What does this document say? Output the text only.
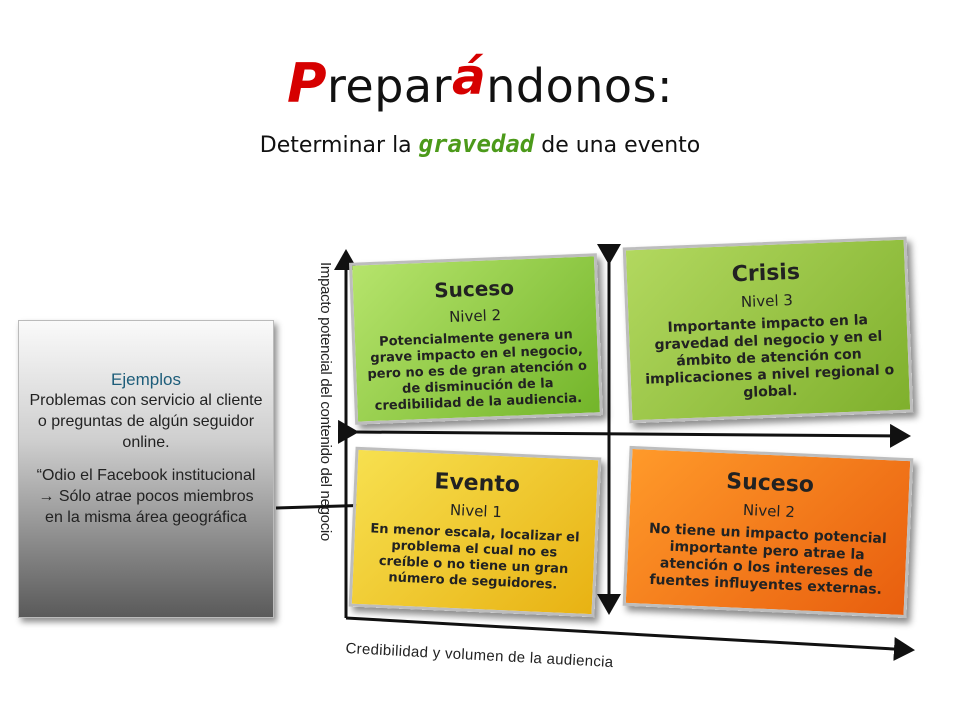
Preparándonos:
Determinar la gravedad de una evento
Ejemplos
Problemas con servicio al cliente o preguntas de algún seguidor online.
“Odio el Facebook institucional → Sólo atrae pocos miembros en la misma área geográfica
Suceso
Nivel 2
Potencialmente genera un grave impacto en el negocio, pero no es de gran atención o de disminución de la credibilidad de la audiencia.
Crisis
Nivel 3
Importante impacto en la gravedad del negocio y en el ámbito de atención con implicaciones a nivel regional o global.
Evento
Nivel 1
En menor escala, localizar el problema el cual no es creíble o no tiene un gran número de seguidores.
Suceso
Nivel 2
No tiene un impacto potencial importante pero atrae la atención o los intereses de fuentes influyentes externas.
Impacto potencial del contenido del negocio
Credibilidad y volumen de la audiencia
